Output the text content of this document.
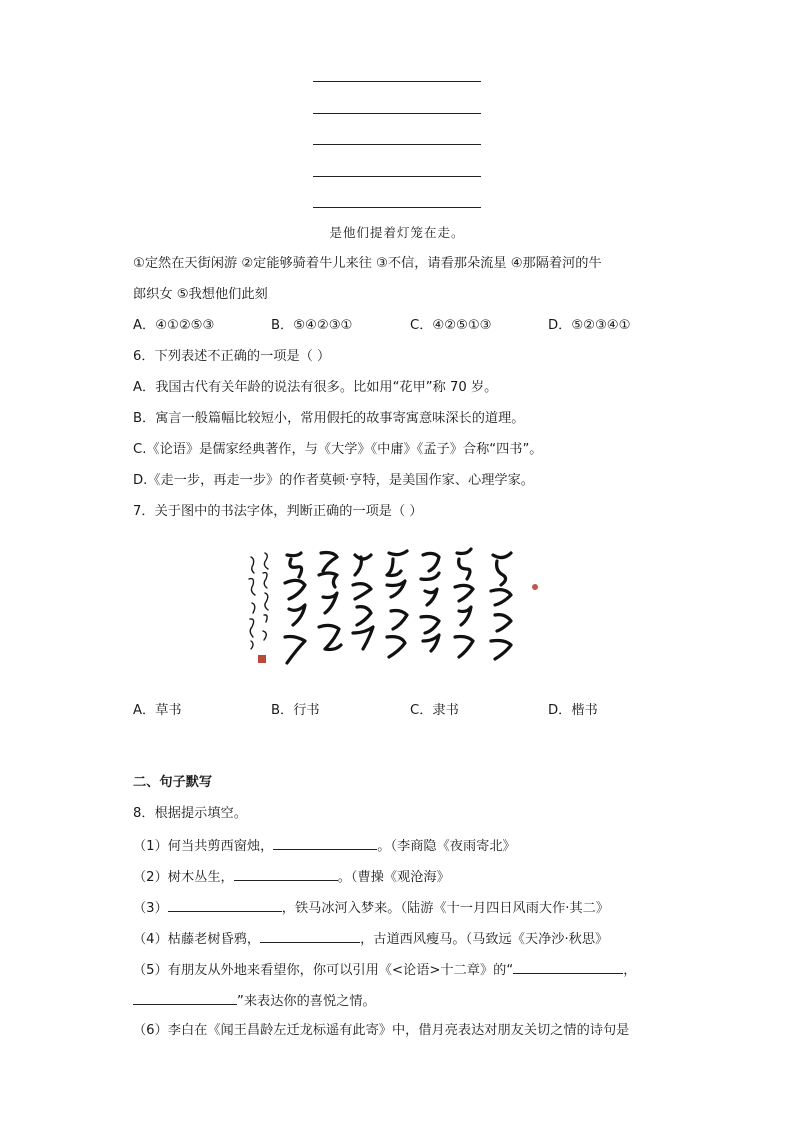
是他们提着灯笼在走。
①定然在天街闲游 ②定能够骑着牛儿来往 ③不信，请看那朵流星 ④那隔着河的牛
郎织女 ⑤我想他们此刻
A．④①②⑤③	B．⑤④②③①	C．④②⑤①③	D．⑤②③④①
6．下列表述不正确的一项是（ ）
A．我国古代有关年龄的说法有很多。比如用“花甲”称 70 岁。
B．寓言一般篇幅比较短小，常用假托的故事寄寓意味深长的道理。
C.《论语》是儒家经典著作，与《大学》《中庸》《孟子》合称“四书”。
D.《走一步，再走一步》的作者莫顿·亨特，是美国作家、心理学家。
7．关于图中的书法字体，判断正确的一项是（ ）
A．草书	B．行书	C．隶书	D．楷书
二、句子默写
8．根据提示填空。
（1）何当共剪西窗烛，	。（李商隐《夜雨寄北》
（2）树木丛生，	。（曹操《观沧海》
（3）	，铁马冰河入梦来。（陆游《十一月四日风雨大作·其二》
（4）枯藤老树昏鸦，	，古道西风瘦马。（马致远《天净沙·秋思》
（5）有朋友从外地来看望你，你可以引用《<论语>十二章》的“	，
”来表达你的喜悦之情。
（6）李白在《闻王昌龄左迁龙标遥有此寄》中，借月亮表达对朋友关切之情的诗句是
